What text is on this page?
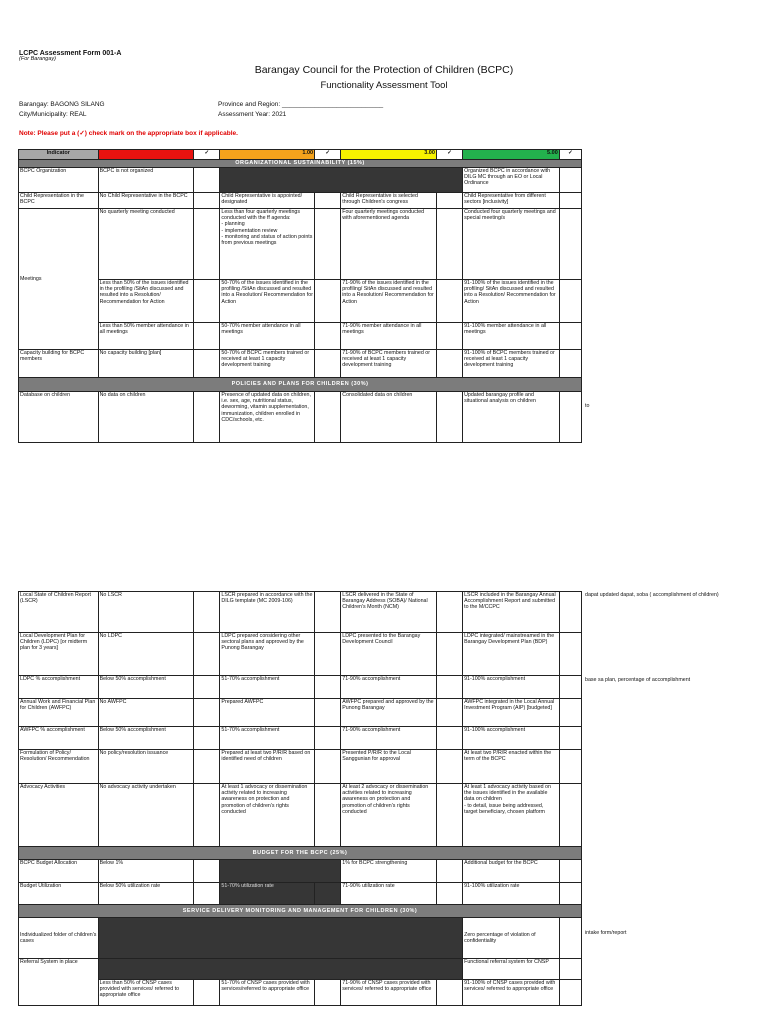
LCPC Assessment Form 001-A
(For Barangay)
Barangay Council for the Protection of Children (BCPC)
Functionality Assessment Tool
Barangay: BAGONG SILANG
City/Municipality: REAL
Province and Region: ____________________________
Assessment Year: 2021
Note: Please put a (✓) check mark on the appropriate box if applicable.
Indicator		✓	1.00	✓	3.00	✓	5.00	✓
ORGANIZATIONAL SUSTAINABILITY (15%)								
BCPC Organization	BCPC is not organized						Organized BCPC in accordance with DILG MC through an EO or Local Ordinance	
Child Representation in the BCPC	No Child Representative in the BCPC		Child Representative is appointed/ designated		Child Representative is selected through Children's congress		Child Representative from different sectors [inclusivity]	
Meetings	No quarterly meeting conducted		Less than four quarterly meetings conducted with the ff agenda:
- planning
- implementation review
- monitoring and status of action points from previous meetings		Four quarterly meetings conducted with aforementioned agenda		Conducted four quarterly meetings and special meeting/s	
	Less than 50% of the issues identified in the profiling /SitAn discussed and resulted into a Resolution/ Recommendation for Action		50-70% of the issues identified in the profiling /SitAn discussed and resulted into a Resolution/ Recommendation for Action		71-90% of the issues identified in the profiling/ SitAn discussed and resulted into a Resolution/ Recommendation for Action		91-100% of the issues identified in the profiling/ SitAn discussed and resulted into a Resolution/ Recommendation for Action	
	Less than 50% member attendance in all meetings		50-70% member attendance in all meetings		71-90% member attendance in all meetings		91-100% member attendance in all meetings	
Capacity building for BCPC members	No capacity building [plan]		50-70% of BCPC members trained or received at least 1 capacity development training		71-90% of BCPC members trained or received at least 1 capacity development training		91-100% of BCPC members trained or received at least 1 capacity development training	
POLICIES AND PLANS FOR CHILDREN (30%)								
Database on children	No data on children		Presence of updated data on children, i.e. sex, age, nutritional status, deworming, vitamin supplementation, immunization, children enrolled in CDC/schools, etc.		Consolidated data on children		Updated barangay profile and situational analysis on children	
to
Local State of Children Report (LSCR)	No LSCR		LSCR prepared in accordance with the DILG template (MC 2009-106)		LSCR delivered in the State of Barangay Address (SOBA)/ National Children's Month (NCM)		LSCR included in the Barangay Annual Accomplishment Report and submitted to the M/CCPC	
Local Development Plan for Children (LDPC) [or midterm plan for 3 years]	No LDPC		LDPC prepared considering other sectoral plans and approved by the Punong Barangay		LDPC presented to the Barangay Development Council		LDPC integrated/ mainstreamed in the Barangay Development Plan (BDP)	
LDPC % accomplishment	Below 50% accomplishment		51-70% accomplishment		71-90% accomplishment		91-100% accomplishment	
Annual Work and Financial Plan for Children (AWFPC)	No AWFPC		Prepared AWFPC		AWFPC prepared and approved by the Punong Barangay		AWFPC integrated in the Local Annual Investment Program (AIP) [budgeted]	
AWFPC % accomplishment	Below 50% accomplishment		51-70% accomplishment		71-90% accomplishment		91-100% accomplishment	
Formulation of Policy/ Resolution/ Recommendation	No policy/resolution issuance		Prepared at least two P/R/R based on identified need of children		Presented P/R/R to the Local Sanggunian for approval		At least two P/R/R enacted within the term of the BCPC	
Advocacy Activities	No advocacy activity undertaken		At least 1 advocacy or dissemination activity related to increasing awareness on protection and promotion of children's rights conducted		At least 2 advocacy or dissemination activities related to increasing awareness on protection and promotion of children's rights conducted		At least 1 advocacy activity based on the issues identified in the available data on children
- to detail, issue being addressed, target beneficiary, chosen platform	
BUDGET FOR THE BCPC (25%)								
BCPC Budget Allocation	Below 1%				1% for BCPC strengthening		Additional budget for the BCPC	
Budget Utilization	Below 50% utilization rate		51-70% utilization rate		71-90% utilization rate		91-100% utilization rate	
SERVICE DELIVERY MONITORING AND MANAGEMENT FOR CHILDREN (30%)								
Individualized folder of children's cases							Zero percentage of violation of confidentiality	
Referral System in place							Functional referral system for CNSP	
	Less than 50% of CNSP cases provided with services/ referred to appropriate office		51-70% of CNSP cases provided with services/referred to appropriate office		71-90% of CNSP cases provided with services/ referred to appropriate office		91-100% of CNSP cases provided with services/ referred to appropriate office	
dapat updated dapat, soba ( accomplishment of children)
base sa plan, percentage of accomplishment
intake form/report
